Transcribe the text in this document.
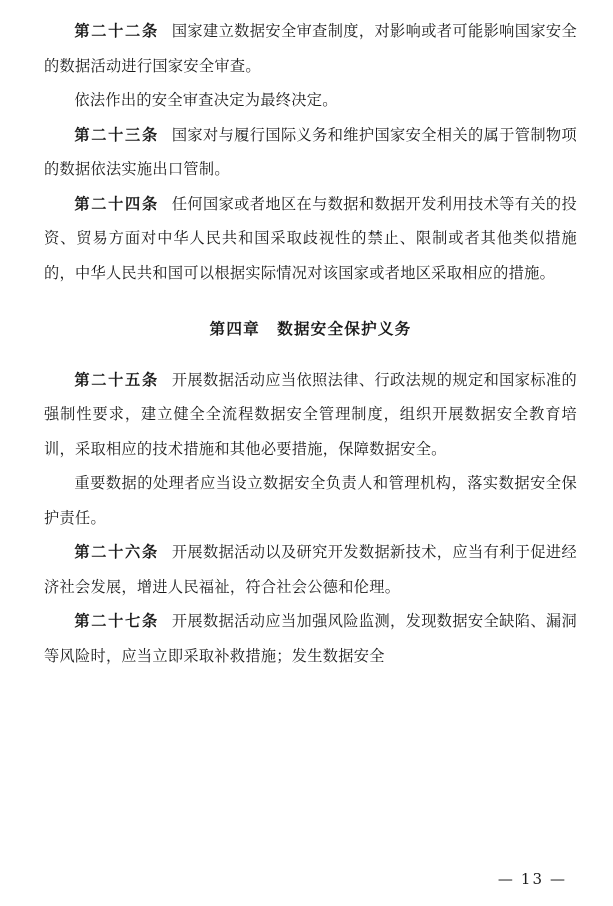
第二十二条 国家建立数据安全审查制度，对影响或者可能影响国家安全的数据活动进行国家安全审查。

依法作出的安全审查决定为最终决定。

第二十三条 国家对与履行国际义务和维护国家安全相关的属于管制物项的数据依法实施出口管制。

第二十四条 任何国家或者地区在与数据和数据开发利用技术等有关的投资、贸易方面对中华人民共和国采取歧视性的禁止、限制或者其他类似措施的，中华人民共和国可以根据实际情况对该国家或者地区采取相应的措施。

第四章 数据安全保护义务

第二十五条 开展数据活动应当依照法律、行政法规的规定和国家标准的强制性要求，建立健全全流程数据安全管理制度，组织开展数据安全教育培训，采取相应的技术措施和其他必要措施，保障数据安全。

重要数据的处理者应当设立数据安全负责人和管理机构，落实数据安全保护责任。

第二十六条 开展数据活动以及研究开发数据新技术，应当有利于促进经济社会发展，增进人民福祉，符合社会公德和伦理。

第二十七条 开展数据活动应当加强风险监测，发现数据安全缺陷、漏洞等风险时，应当立即采取补救措施；发生数据安全

— 13 —
